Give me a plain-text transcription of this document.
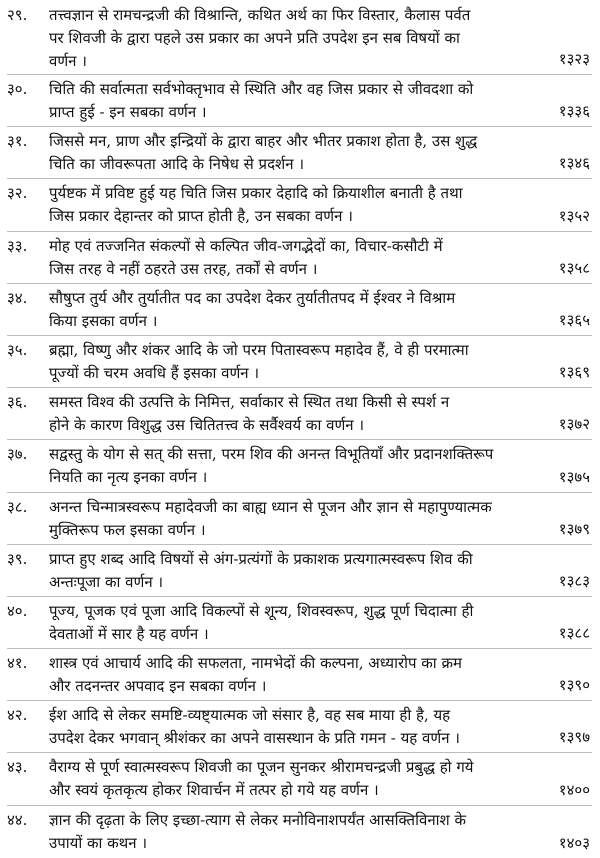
२९.	तत्त्वज्ञान से रामचन्द्रजी की विश्रान्ति, कथित अर्थ का फिर विस्तार, कैलास पर्वत
पर शिवजी के द्वारा पहले उस प्रकार का अपने प्रति उपदेश इन सब विषयों का
वर्णन ।	१३२३
३०.	चिति की सर्वात्मता सर्वभोक्तृभाव से स्थिति और वह जिस प्रकार से जीवदशा को
प्राप्त हुई - इन सबका वर्णन ।	१३३६
३१.	जिससे मन, प्राण और इन्द्रियों के द्वारा बाहर और भीतर प्रकाश होता है, उस शुद्ध
चिति का जीवरूपता आदि के निषेध से प्रदर्शन ।	१३४६
३२.	पुर्यष्टक में प्रविष्ट हुई यह चिति जिस प्रकार देहादि को क्रियाशील बनाती है तथा
जिस प्रकार देहान्तर को प्राप्त होती है, उन सबका वर्णन ।	१३५२
३३.	मोह एवं तज्जनित संकल्पों से कल्पित जीव-जगद्भेदों का, विचार-कसौटी में
जिस तरह वे नहीं ठहरते उस तरह, तर्कों से वर्णन ।	१३५८
३४.	सौषुप्त तुर्य और तुर्यातीत पद का उपदेश देकर तुर्यातीतपद में ईश्वर ने विश्राम
किया इसका वर्णन ।	१३६५
३५.	ब्रह्मा, विष्णु और शंकर आदि के जो परम पितास्वरूप महादेव हैं, वे ही परमात्मा
पूज्यों की चरम अवधि हैं इसका वर्णन ।	१३६९
३६.	समस्त विश्व की उत्पत्ति के निमित्त, सर्वाकार से स्थित तथा किसी से स्पर्श न
होने के कारण विशुद्ध उस चितितत्त्व के सर्वैश्वर्य का वर्णन ।	१३७२
३७.	सद्वस्तु के योग से सत् की सत्ता, परम शिव की अनन्त विभूतियाँ और प्रदानशक्तिरूप
नियति का नृत्य इनका वर्णन ।	१३७५
३८.	अनन्त चिन्मात्रस्वरूप महादेवजी का बाह्य ध्यान से पूजन और ज्ञान से महापुण्यात्मक
मुक्तिरूप फल इसका वर्णन ।	१३७९
३९.	प्राप्त हुए शब्द आदि विषयों से अंग-प्रत्यंगों के प्रकाशक प्रत्यगात्मस्वरूप शिव की
अन्तःपूजा का वर्णन ।	१३८३
४०.	पूज्य, पूजक एवं पूजा आदि विकल्पों से शून्य, शिवस्वरूप, शुद्ध पूर्ण चिदात्मा ही
देवताओं में सार है यह वर्णन ।	१३८८
४१.	शास्त्र एवं आचार्य आदि की सफलता, नामभेदों की कल्पना, अध्यारोप का क्रम
और तदनन्तर अपवाद इन सबका वर्णन ।	१३९०
४२.	ईश आदि से लेकर समष्टि-व्यष्ट्यात्मक जो संसार है, वह सब माया ही है, यह
उपदेश देकर भगवान् श्रीशंकर का अपने वासस्थान के प्रति गमन - यह वर्णन ।	१३९७
४३.	वैराग्य से पूर्ण स्वात्मस्वरूप शिवजी का पूजन सुनकर श्रीरामचन्द्रजी प्रबुद्ध हो गये
और स्वयं कृतकृत्य होकर शिवार्चन में तत्पर हो गये यह वर्णन ।	१४००
४४.	ज्ञान की दृढ़ता के लिए इच्छा-त्याग से लेकर मनोविनाशपर्यंत आसक्तिविनाश के
उपायों का कथन ।	१४०३
